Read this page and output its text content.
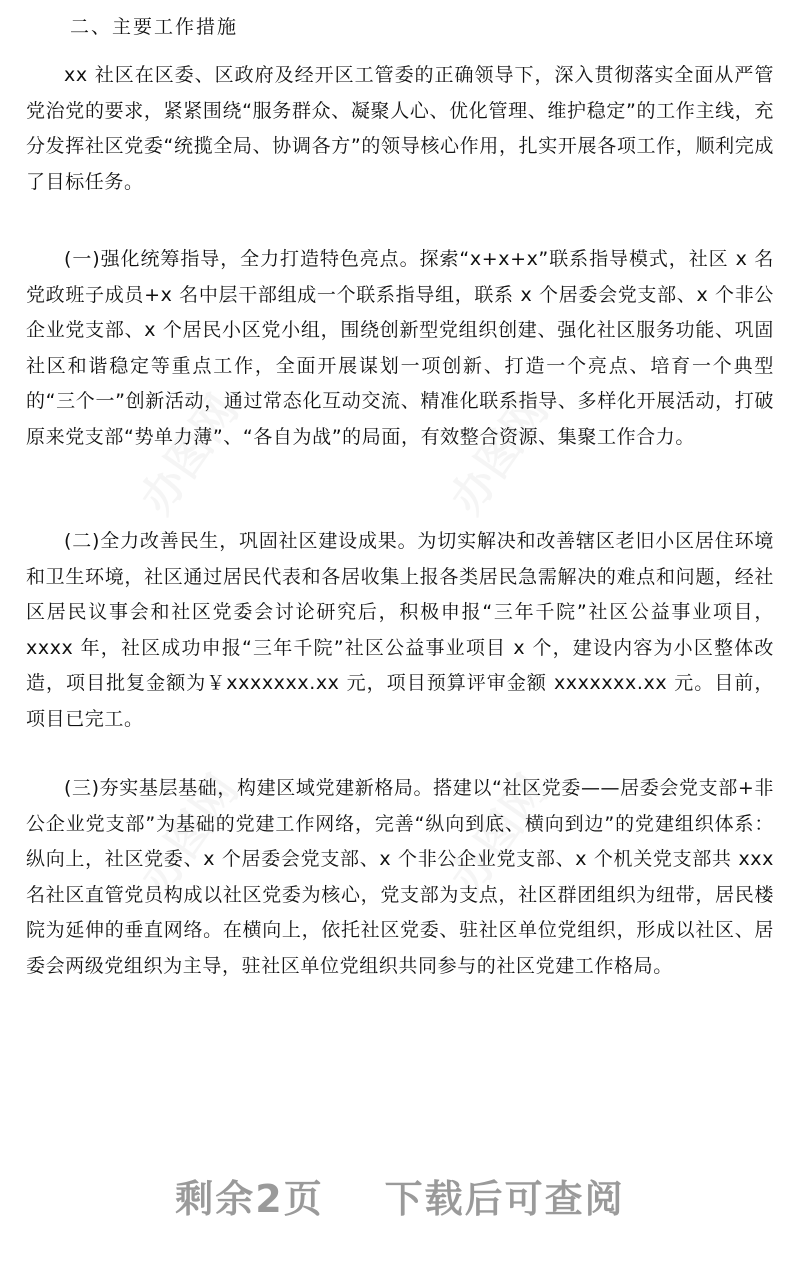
办图网	办图网
办图网	办图网
二、主要工作措施

xx 社区在区委、区政府及经开区工管委的正确领导下，深入贯彻落实全面从严管党治党的要求，紧紧围绕“服务群众、凝聚人心、优化管理、维护稳定”的工作主线，充分发挥社区党委“统揽全局、协调各方”的领导核心作用，扎实开展各项工作，顺利完成了目标任务。

(一)强化统筹指导，全力打造特色亮点。探索“x+x+x”联系指导模式，社区 x 名党政班子成员+x 名中层干部组成一个联系指导组，联系 x 个居委会党支部、x 个非公企业党支部、x 个居民小区党小组，围绕创新型党组织创建、强化社区服务功能、巩固社区和谐稳定等重点工作，全面开展谋划一项创新、打造一个亮点、培育一个典型的“三个一”创新活动，通过常态化互动交流、精准化联系指导、多样化开展活动，打破原来党支部“势单力薄”、“各自为战”的局面，有效整合资源、集聚工作合力。

(二)全力改善民生，巩固社区建设成果。为切实解决和改善辖区老旧小区居住环境和卫生环境，社区通过居民代表和各居收集上报各类居民急需解决的难点和问题，经社区居民议事会和社区党委会讨论研究后，积极申报“三年千院”社区公益事业项目，xxxx 年，社区成功申报“三年千院”社区公益事业项目 x 个，建设内容为小区整体改造，项目批复金额为￥xxxxxxx.xx 元，项目预算评审金额 xxxxxxx.xx 元。目前，项目已完工。

(三)夯实基层基础，构建区域党建新格局。搭建以“社区党委——居委会党支部+非公企业党支部”为基础的党建工作网络，完善“纵向到底、横向到边”的党建组织体系：纵向上，社区党委、x 个居委会党支部、x 个非公企业党支部、x 个机关党支部共 xxx 名社区直管党员构成以社区党委为核心，党支部为支点，社区群团组织为纽带，居民楼院为延伸的垂直网络。在横向上，依托社区党委、驻社区单位党组织，形成以社区、居委会两级党组织为主导，驻社区单位党组织共同参与的社区党建工作格局。

剩余2页 下载后可查阅
